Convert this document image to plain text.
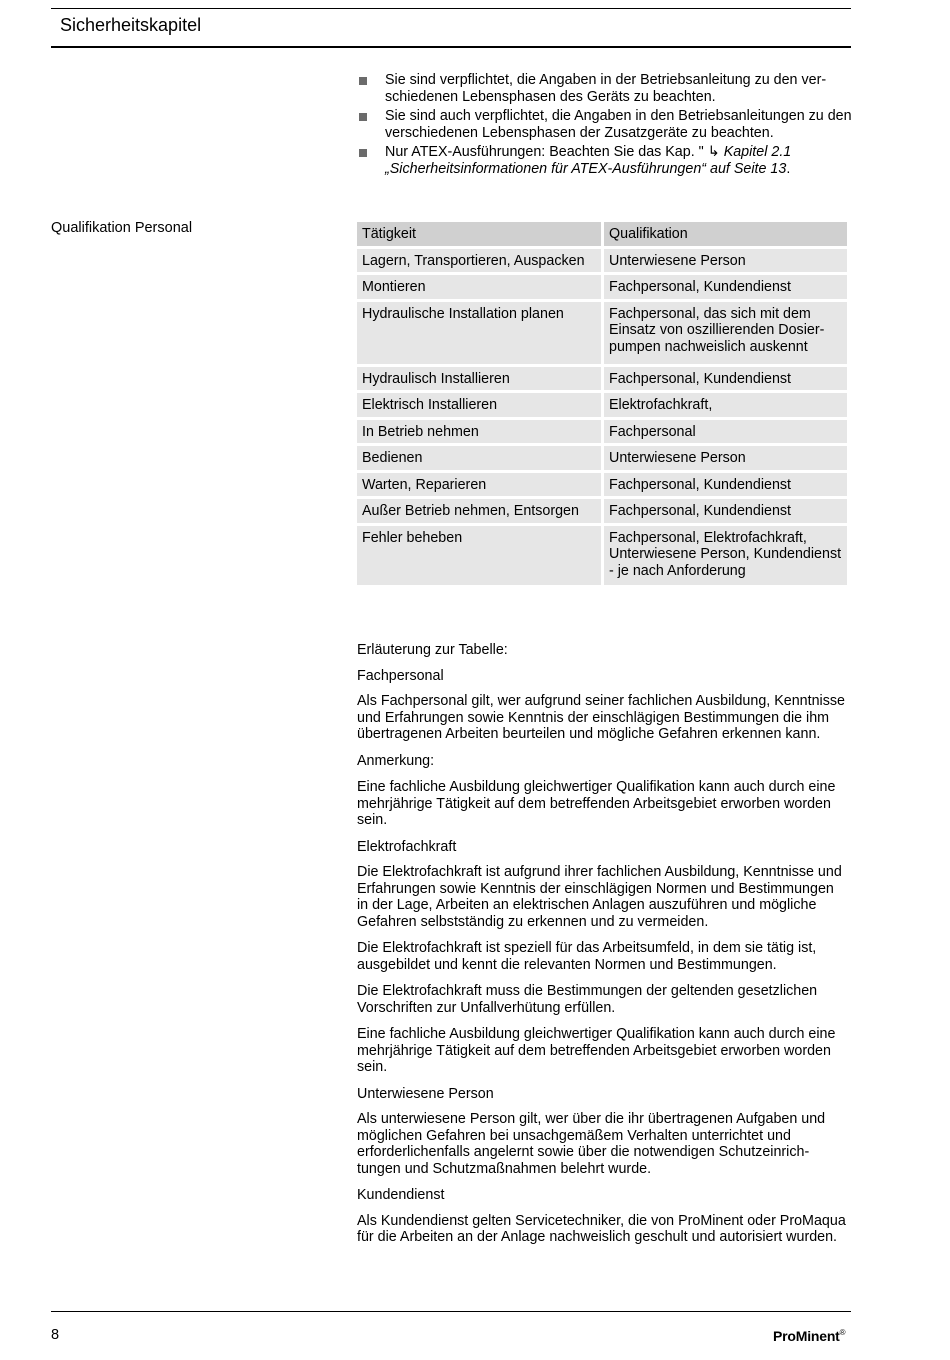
Sicherheitskapitel
Sie sind verpflichtet, die Angaben in der Betriebsanleitung zu den verschiedenen Lebensphasen des Geräts zu beachten.
Sie sind auch verpflichtet, die Angaben in den Betriebsanleitungen zu den verschiedenen Lebensphasen der Zusatzgeräte zu beachten.
Nur ATEX-Ausführungen: Beachten Sie das Kap. " ↳ Kapitel 2.1 „Sicherheitsinformationen für ATEX-Ausführungen“ auf Seite 13.
Qualifikation Personal	Tätigkeit	Qualifikation
Lagern, Transportieren, Auspacken	Unterwiesene Person
Montieren	Fachpersonal, Kundendienst
Hydraulische Installation planen	Fachpersonal, das sich mit dem Einsatz von oszillierenden Dosierpumpen nachweislich auskennt
Hydraulisch Installieren	Fachpersonal, Kundendienst
Elektrisch Installieren	Elektrofachkraft,
In Betrieb nehmen	Fachpersonal
Bedienen	Unterwiesene Person
Warten, Reparieren	Fachpersonal, Kundendienst
Außer Betrieb nehmen, Entsorgen	Fachpersonal, Kundendienst
Fehler beheben	Fachpersonal, Elektrofachkraft, Unterwiesene Person, Kundendienst - je nach Anforderung

Erläuterung zur Tabelle:

Fachpersonal

Als Fachpersonal gilt, wer aufgrund seiner fachlichen Ausbildung, Kenntnisse und Erfahrungen sowie Kenntnis der einschlägigen Bestimmungen die ihm übertragenen Arbeiten beurteilen und mögliche Gefahren erkennen kann.

Anmerkung:

Eine fachliche Ausbildung gleichwertiger Qualifikation kann auch durch eine mehrjährige Tätigkeit auf dem betreffenden Arbeitsgebiet erworben worden sein.

Elektrofachkraft

Die Elektrofachkraft ist aufgrund ihrer fachlichen Ausbildung, Kenntnisse und Erfahrungen sowie Kenntnis der einschlägigen Normen und Bestimmungen in der Lage, Arbeiten an elektrischen Anlagen auszuführen und mögliche Gefahren selbstständig zu erkennen und zu vermeiden.

Die Elektrofachkraft ist speziell für das Arbeitsumfeld, in dem sie tätig ist, ausgebildet und kennt die relevanten Normen und Bestimmungen.

Die Elektrofachkraft muss die Bestimmungen der geltenden gesetzlichen Vorschriften zur Unfallverhütung erfüllen.

Eine fachliche Ausbildung gleichwertiger Qualifikation kann auch durch eine mehrjährige Tätigkeit auf dem betreffenden Arbeitsgebiet erworben worden sein.

Unterwiesene Person

Als unterwiesene Person gilt, wer über die ihr übertragenen Aufgaben und möglichen Gefahren bei unsachgemäßem Verhalten unterrichtet und erforderlichenfalls angelernt sowie über die notwendigen Schutzeinrichtungen und Schutzmaßnahmen belehrt wurde.

Kundendienst

Als Kundendienst gelten Servicetechniker, die von ProMinent oder ProMaqua für die Arbeiten an der Anlage nachweislich geschult und autorisiert wurden.

8	ProMinent®
